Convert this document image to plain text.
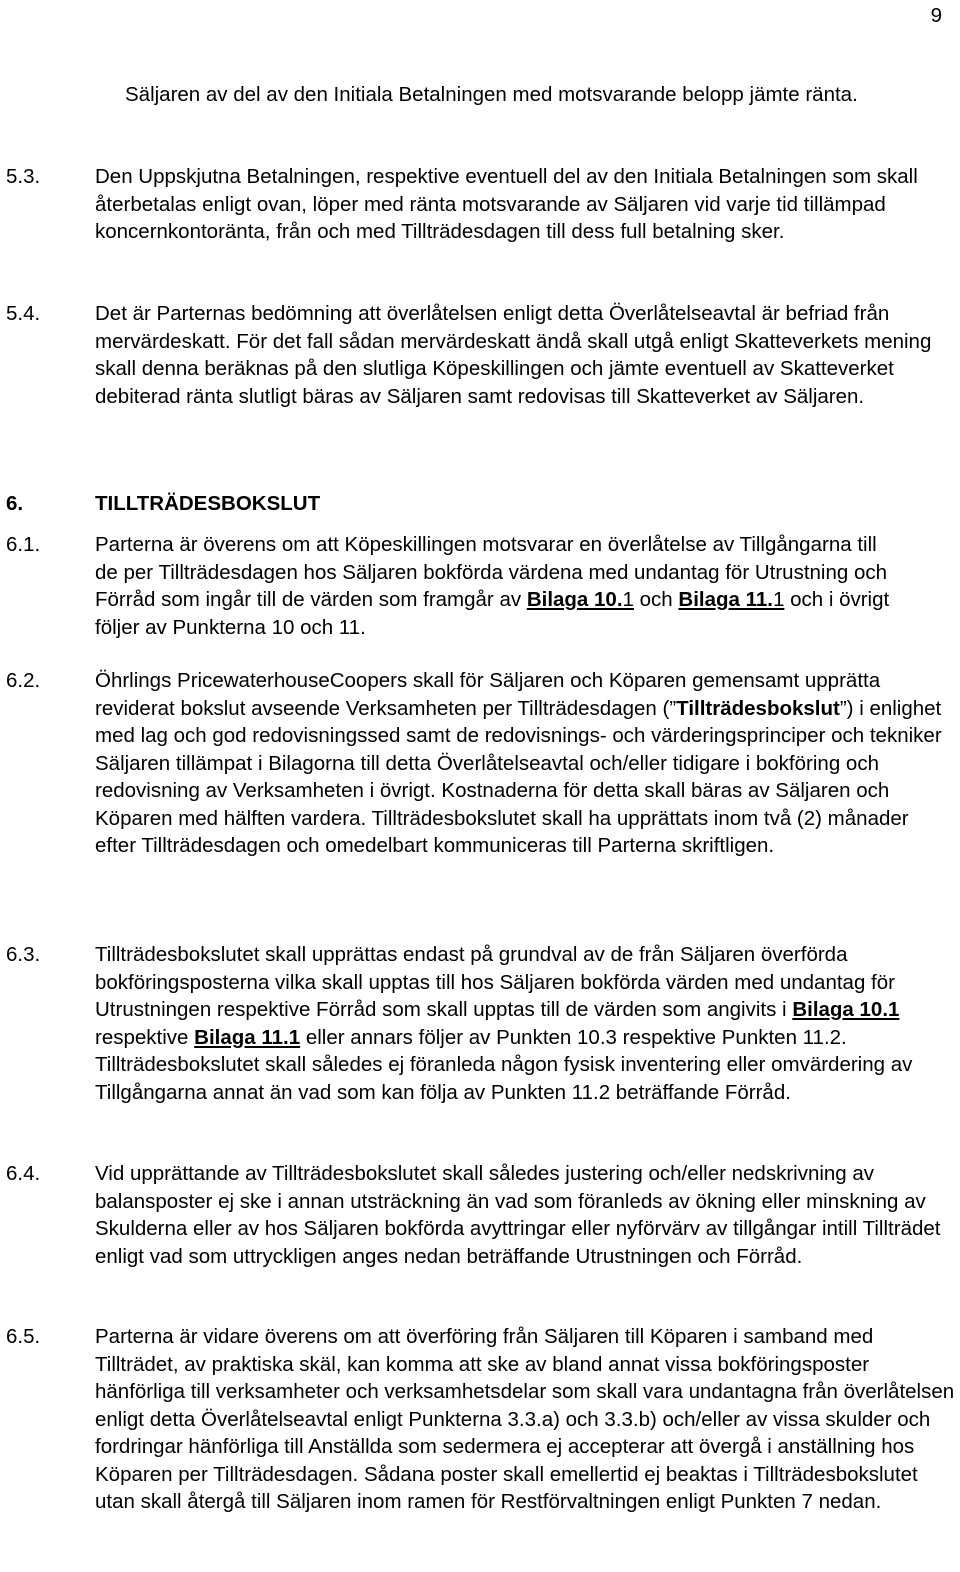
9

Säljaren av del av den Initiala Betalningen med motsvarande belopp jämte ränta.

5.3.	Den Uppskjutna Betalningen, respektive eventuell del av den Initiala Betalningen som skall återbetalas enligt ovan, löper med ränta motsvarande av Säljaren vid varje tid tillämpad koncernkontoränta, från och med Tillträdesdagen till dess full betalning sker.

5.4.	Det är Parternas bedömning att överlåtelsen enligt detta Överlåtelseavtal är befriad från mervärdeskatt. För det fall sådan mervärdeskatt ändå skall utgå enligt Skatteverkets mening skall denna beräknas på den slutliga Köpeskillingen och jämte eventuell av Skatteverket debiterad ränta slutligt bäras av Säljaren samt redovisas till Skatteverket av Säljaren.

6.	TILLTRÄDESBOKSLUT
6.1.	Parterna är överens om att Köpeskillingen motsvarar en överlåtelse av Tillgångarna till de per Tillträdesdagen hos Säljaren bokförda värdena med undantag för Utrustning och Förråd som ingår till de värden som framgår av Bilaga 10.1 och Bilaga 11.1 och i övrigt följer av Punkterna 10 och 11.

6.2.	Öhrlings PricewaterhouseCoopers skall för Säljaren och Köparen gemensamt upprätta reviderat bokslut avseende Verksamheten per Tillträdesdagen (”Tillträdesbokslut”) i enlighet med lag och god redovisningssed samt de redovisnings- och värderingsprinciper och tekniker Säljaren tillämpat i Bilagorna till detta Överlåtelseavtal och/eller tidigare i bokföring och redovisning av Verksamheten i övrigt. Kostnaderna för detta skall bäras av Säljaren och Köparen med hälften vardera. Tillträdesbokslutet skall ha upprättats inom två (2) månader efter Tillträdesdagen och omedelbart kommuniceras till Parterna skriftligen.

6.3.	Tillträdesbokslutet skall upprättas endast på grundval av de från Säljaren överförda bokföringsposterna vilka skall upptas till hos Säljaren bokförda värden med undantag för Utrustningen respektive Förråd som skall upptas till de värden som angivits i Bilaga 10.1 respektive Bilaga 11.1 eller annars följer av Punkten 10.3 respektive Punkten 11.2. Tillträdesbokslutet skall således ej föranleda någon fysisk inventering eller omvärdering av Tillgångarna annat än vad som kan följa av Punkten 11.2 beträffande Förråd.

6.4.	Vid upprättande av Tillträdesbokslutet skall således justering och/eller nedskrivning av balansposter ej ske i annan utsträckning än vad som föranleds av ökning eller minskning av Skulderna eller av hos Säljaren bokförda avyttringar eller nyförvärv av tillgångar intill Tillträdet enligt vad som uttryckligen anges nedan beträffande Utrustningen och Förråd.

6.5.	Parterna är vidare överens om att överföring från Säljaren till Köparen i samband med Tillträdet, av praktiska skäl, kan komma att ske av bland annat vissa bokföringsposter hänförliga till verksamheter och verksamhetsdelar som skall vara undantagna från överlåtelsen enligt detta Överlåtelseavtal enligt Punkterna 3.3.a) och 3.3.b) och/eller av vissa skulder och fordringar hänförliga till Anställda som sedermera ej accepterar att övergå i anställning hos Köparen per Tillträdesdagen. Sådana poster skall emellertid ej beaktas i Tillträdesbokslutet utan skall återgå till Säljaren inom ramen för Restförvaltningen enligt Punkten 7 nedan.
